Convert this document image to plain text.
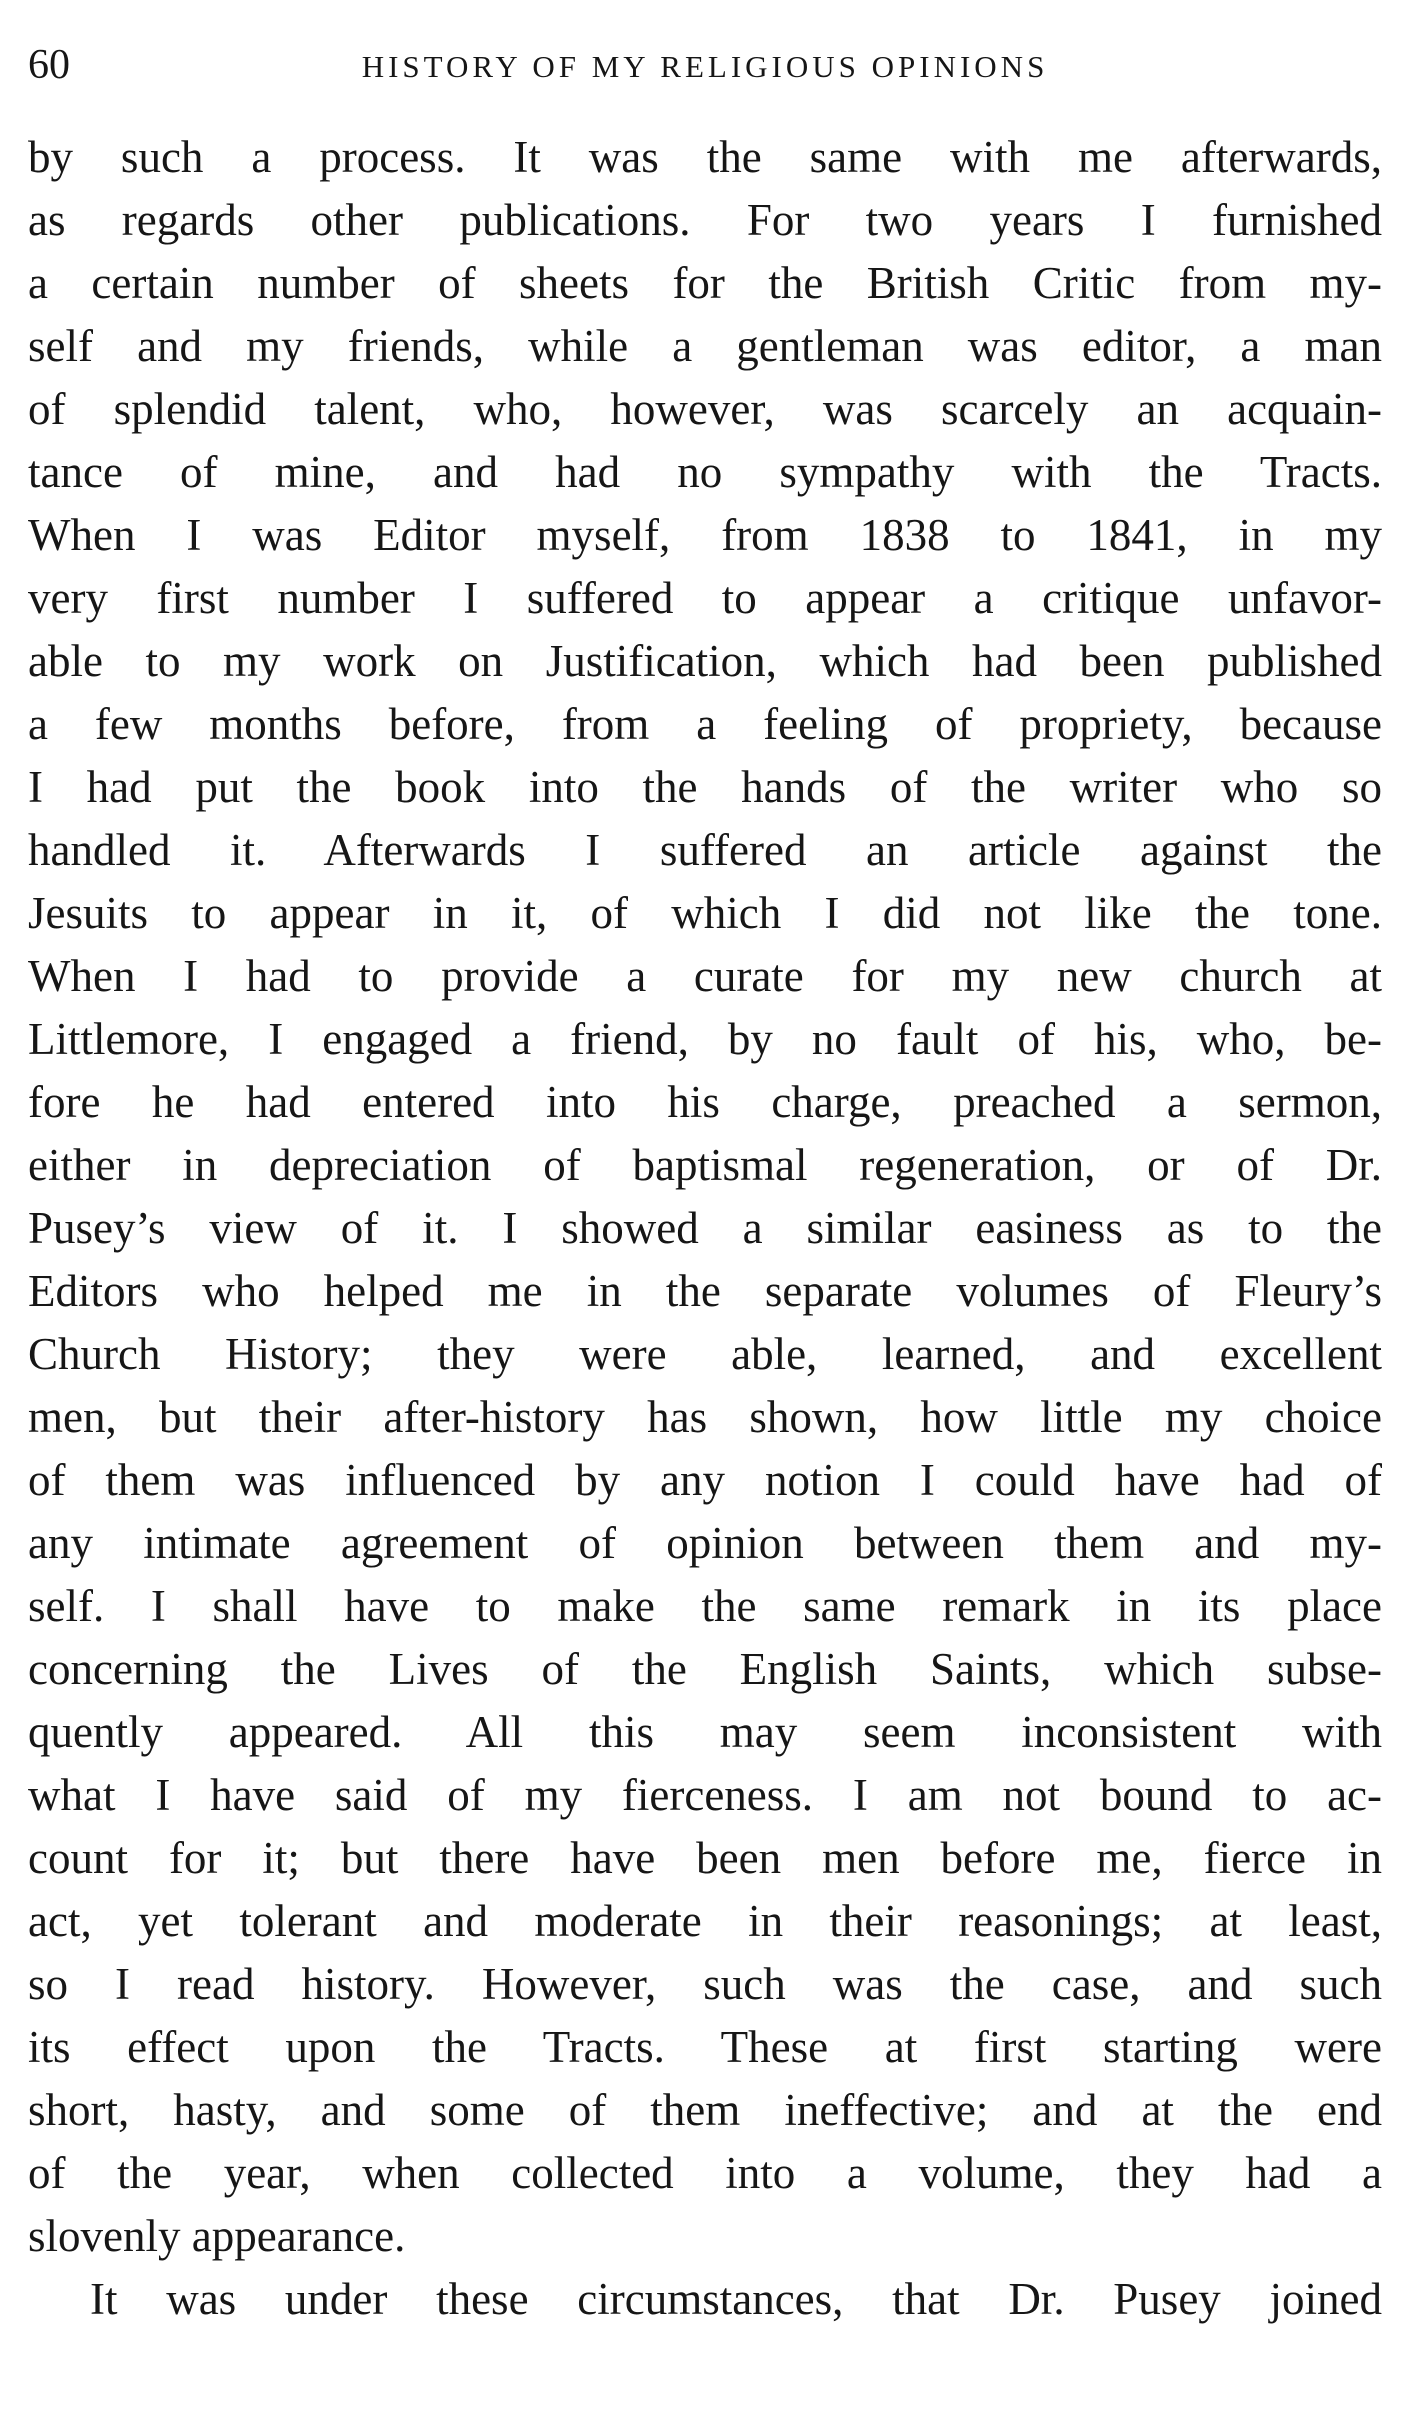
60	HISTORY OF MY RELIGIOUS OPINIONS
by such a process. It was the same with me afterwards,
as regards other publications. For two years I furnished
a certain number of sheets for the British Critic from my-
self and my friends, while a gentleman was editor, a man
of splendid talent, who, however, was scarcely an acquain-
tance of mine, and had no sympathy with the Tracts.
When I was Editor myself, from 1838 to 1841, in my
very first number I suffered to appear a critique unfavor-
able to my work on Justification, which had been published
a few months before, from a feeling of propriety, because
I had put the book into the hands of the writer who so
handled it. Afterwards I suffered an article against the
Jesuits to appear in it, of which I did not like the tone.
When I had to provide a curate for my new church at
Littlemore, I engaged a friend, by no fault of his, who, be-
fore he had entered into his charge, preached a sermon,
either in depreciation of baptismal regeneration, or of Dr.
Pusey’s view of it. I showed a similar easiness as to the
Editors who helped me in the separate volumes of Fleury’s
Church History; they were able, learned, and excellent
men, but their after-history has shown, how little my choice
of them was influenced by any notion I could have had of
any intimate agreement of opinion between them and my-
self. I shall have to make the same remark in its place
concerning the Lives of the English Saints, which subse-
quently appeared. All this may seem inconsistent with
what I have said of my fierceness. I am not bound to ac-
count for it; but there have been men before me, fierce in
act, yet tolerant and moderate in their reasonings; at least,
so I read history. However, such was the case, and such
its effect upon the Tracts. These at first starting were
short, hasty, and some of them ineffective; and at the end
of the year, when collected into a volume, they had a
slovenly appearance.
It was under these circumstances, that Dr. Pusey joined
